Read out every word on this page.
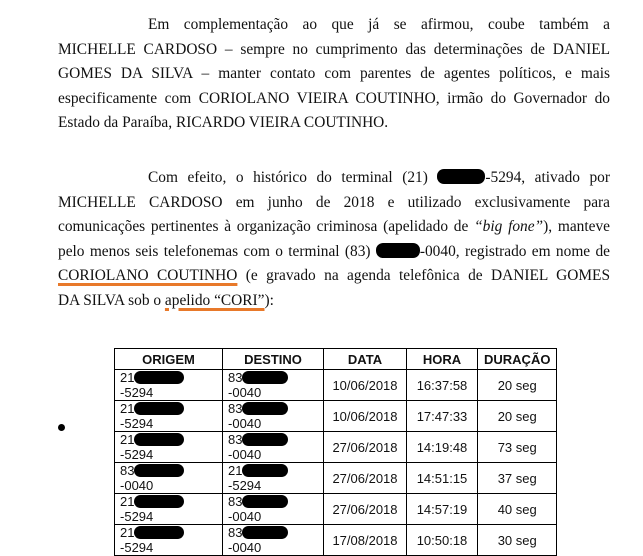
Em complementação ao que já se afirmou, coube também a
MICHELLE CARDOSO – sempre no cumprimento das determinações de DANIEL
GOMES DA SILVA – manter contato com parentes de agentes políticos, e mais
especificamente com CORIOLANO VIEIRA COUTINHO, irmão do Governador do
Estado da Paraíba, RICARDO VIEIRA COUTINHO.
Com efeito, o histórico do terminal (21)	-5294, ativado por
MICHELLE CARDOSO em junho de 2018 e utilizado exclusivamente para
comunicações pertinentes à organização criminosa (apelidado de “big fone”), manteve
pelo menos seis telefonemas com o terminal (83)	-0040, registrado em nome de
CORIOLANO COUTINHO (e gravado na agenda telefônica de DANIEL GOMES
DA SILVA sob o apelido “CORI”):
ORIGEM	DESTINO	DATA	HORA	DURAÇÃO
21-5294	83-0040	10/06/2018	16:37:58	20 seg
21-5294	83-0040	10/06/2018	17:47:33	20 seg
21-5294	83-0040	27/06/2018	14:19:48	73 seg
83-0040	21-5294	27/06/2018	14:51:15	37 seg
21-5294	83-0040	27/06/2018	14:57:19	40 seg
21-5294	83-0040	17/08/2018	10:50:18	30 seg
